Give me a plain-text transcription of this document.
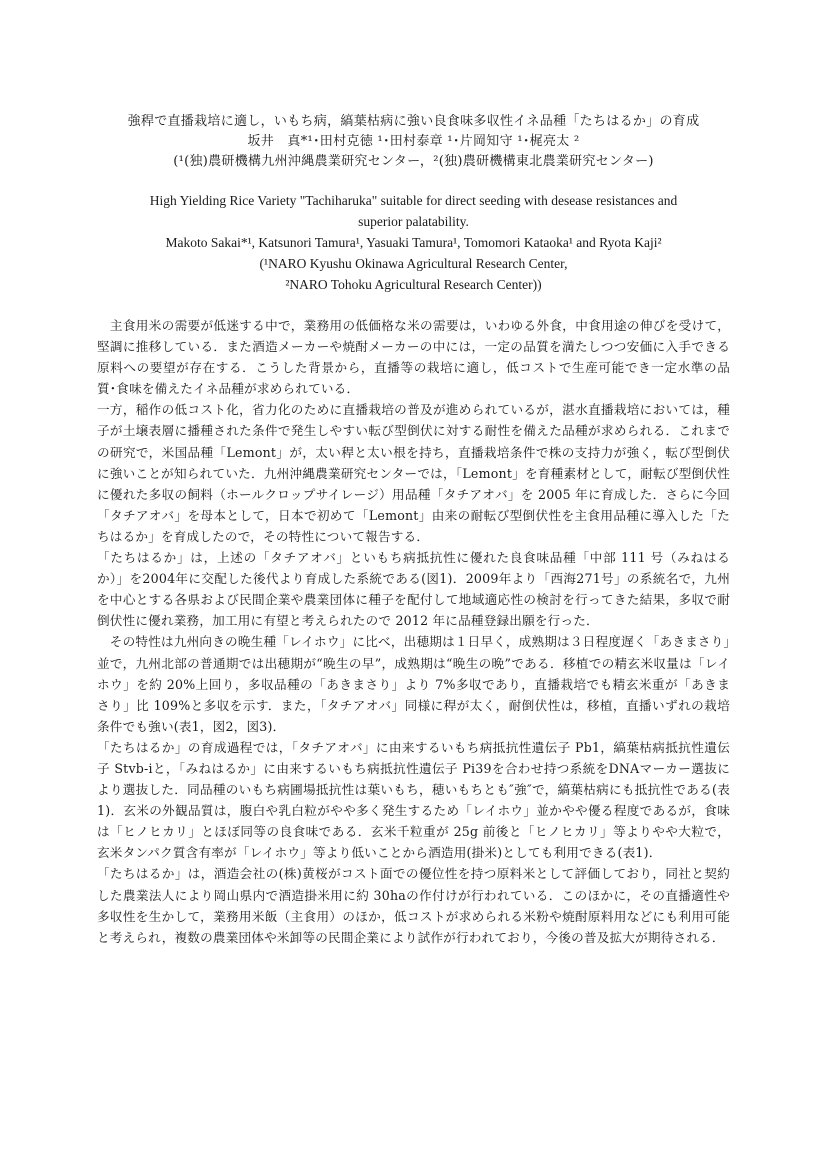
強稈で直播栽培に適し，いもち病，縞葉枯病に強い良食味多収性イネ品種「たちはるか」の育成
坂井　真*¹･田村克徳 ¹･田村泰章 ¹･片岡知守 ¹･梶亮太 ²
(¹(独)農研機構九州沖縄農業研究センター，²(独)農研機構東北農業研究センター)
High Yielding Rice Variety "Tachiharuka" suitable for direct seeding with desease resistances and
superior palatability.
Makoto Sakai*¹, Katsunori Tamura¹, Yasuaki Tamura¹, Tomomori Kataoka¹ and Ryota Kaji²
(¹NARO Kyushu Okinawa Agricultural Research Center,
²NARO Tohoku Agricultural Research Center))

　主食用米の需要が低迷する中で，業務用の低価格な米の需要は，いわゆる外食，中食用途の伸びを受けて，堅調に推移している．また酒造メーカーや焼酎メーカーの中には，一定の品質を満たしつつ安価に入手できる原料への要望が存在する．こうした背景から，直播等の栽培に適し，低コストで生産可能でき一定水準の品質･食味を備えたイネ品種が求められている．

一方，稲作の低コスト化，省力化のために直播栽培の普及が進められているが，湛水直播栽培においては，種子が土壌表層に播種された条件で発生しやすい転び型倒伏に対する耐性を備えた品種が求められる．これまでの研究で，米国品種「Lemont」が，太い稈と太い根を持ち，直播栽培条件で株の支持力が強く，転び型倒伏に強いことが知られていた．九州沖縄農業研究センターでは，「Lemont」を育種素材として，耐転び型倒伏性に優れた多収の飼料（ホールクロップサイレージ）用品種「タチアオバ」を 2005 年に育成した．さらに今回「タチアオバ」を母本として，日本で初めて「Lemont」由来の耐転び型倒伏性を主食用品種に導入した「たちはるか」を育成したので，その特性について報告する．

「たちはるか」は，上述の「タチアオバ」といもち病抵抗性に優れた良食味品種「中部 111 号（みねはるか）」を2004年に交配した後代より育成した系統である(図1)．2009年より「西海271号」の系統名で，九州を中心とする各県および民間企業や農業団体に種子を配付して地域適応性の検討を行ってきた結果，多収で耐倒伏性に優れ業務，加工用に有望と考えられたので 2012 年に品種登録出願を行った．

　その特性は九州向きの晩生種「レイホウ」に比べ，出穂期は１日早く，成熟期は３日程度遅く「あきまさり」並で，九州北部の普通期では出穂期が“晩生の早”，成熟期は“晩生の晩”である．移植での精玄米収量は「レイホウ」を約 20%上回り，多収品種の「あきまさり」より 7%多収であり，直播栽培でも精玄米重が「あきまさり」比 109%と多収を示す．また，「タチアオバ」同様に稈が太く，耐倒伏性は，移植，直播いずれの栽培条件でも強い(表1，図2，図3)．

「たちはるか」の育成過程では，「タチアオバ」に由来するいもち病抵抗性遺伝子 Pb1，縞葉枯病抵抗性遺伝子 Stvb-iと，「みねはるか」に由来するいもち病抵抗性遺伝子 Pi39を合わせ持つ系統をDNAマーカー選抜により選抜した．同品種のいもち病圃場抵抗性は葉いもち，穂いもちとも″強″で，縞葉枯病にも抵抗性である(表1)．玄米の外観品質は，腹白や乳白粒がやや多く発生するため「レイホウ」並かやや優る程度であるが，食味は「ヒノヒカリ」とほぼ同等の良食味である．玄米千粒重が 25g 前後と「ヒノヒカリ」等よりやや大粒で，玄米タンパク質含有率が「レイホウ」等より低いことから酒造用(掛米)としても利用できる(表1)．

「たちはるか」は，酒造会社の(株)黄桜がコスト面での優位性を持つ原料米として評価しており，同社と契約した農業法人により岡山県内で酒造掛米用に約 30haの作付けが行われている．このほかに，その直播適性や多収性を生かして，業務用米飯（主食用）のほか，低コストが求められる米粉や焼酎原料用などにも利用可能と考えられ，複数の農業団体や米卸等の民間企業により試作が行われており，今後の普及拡大が期待される．
